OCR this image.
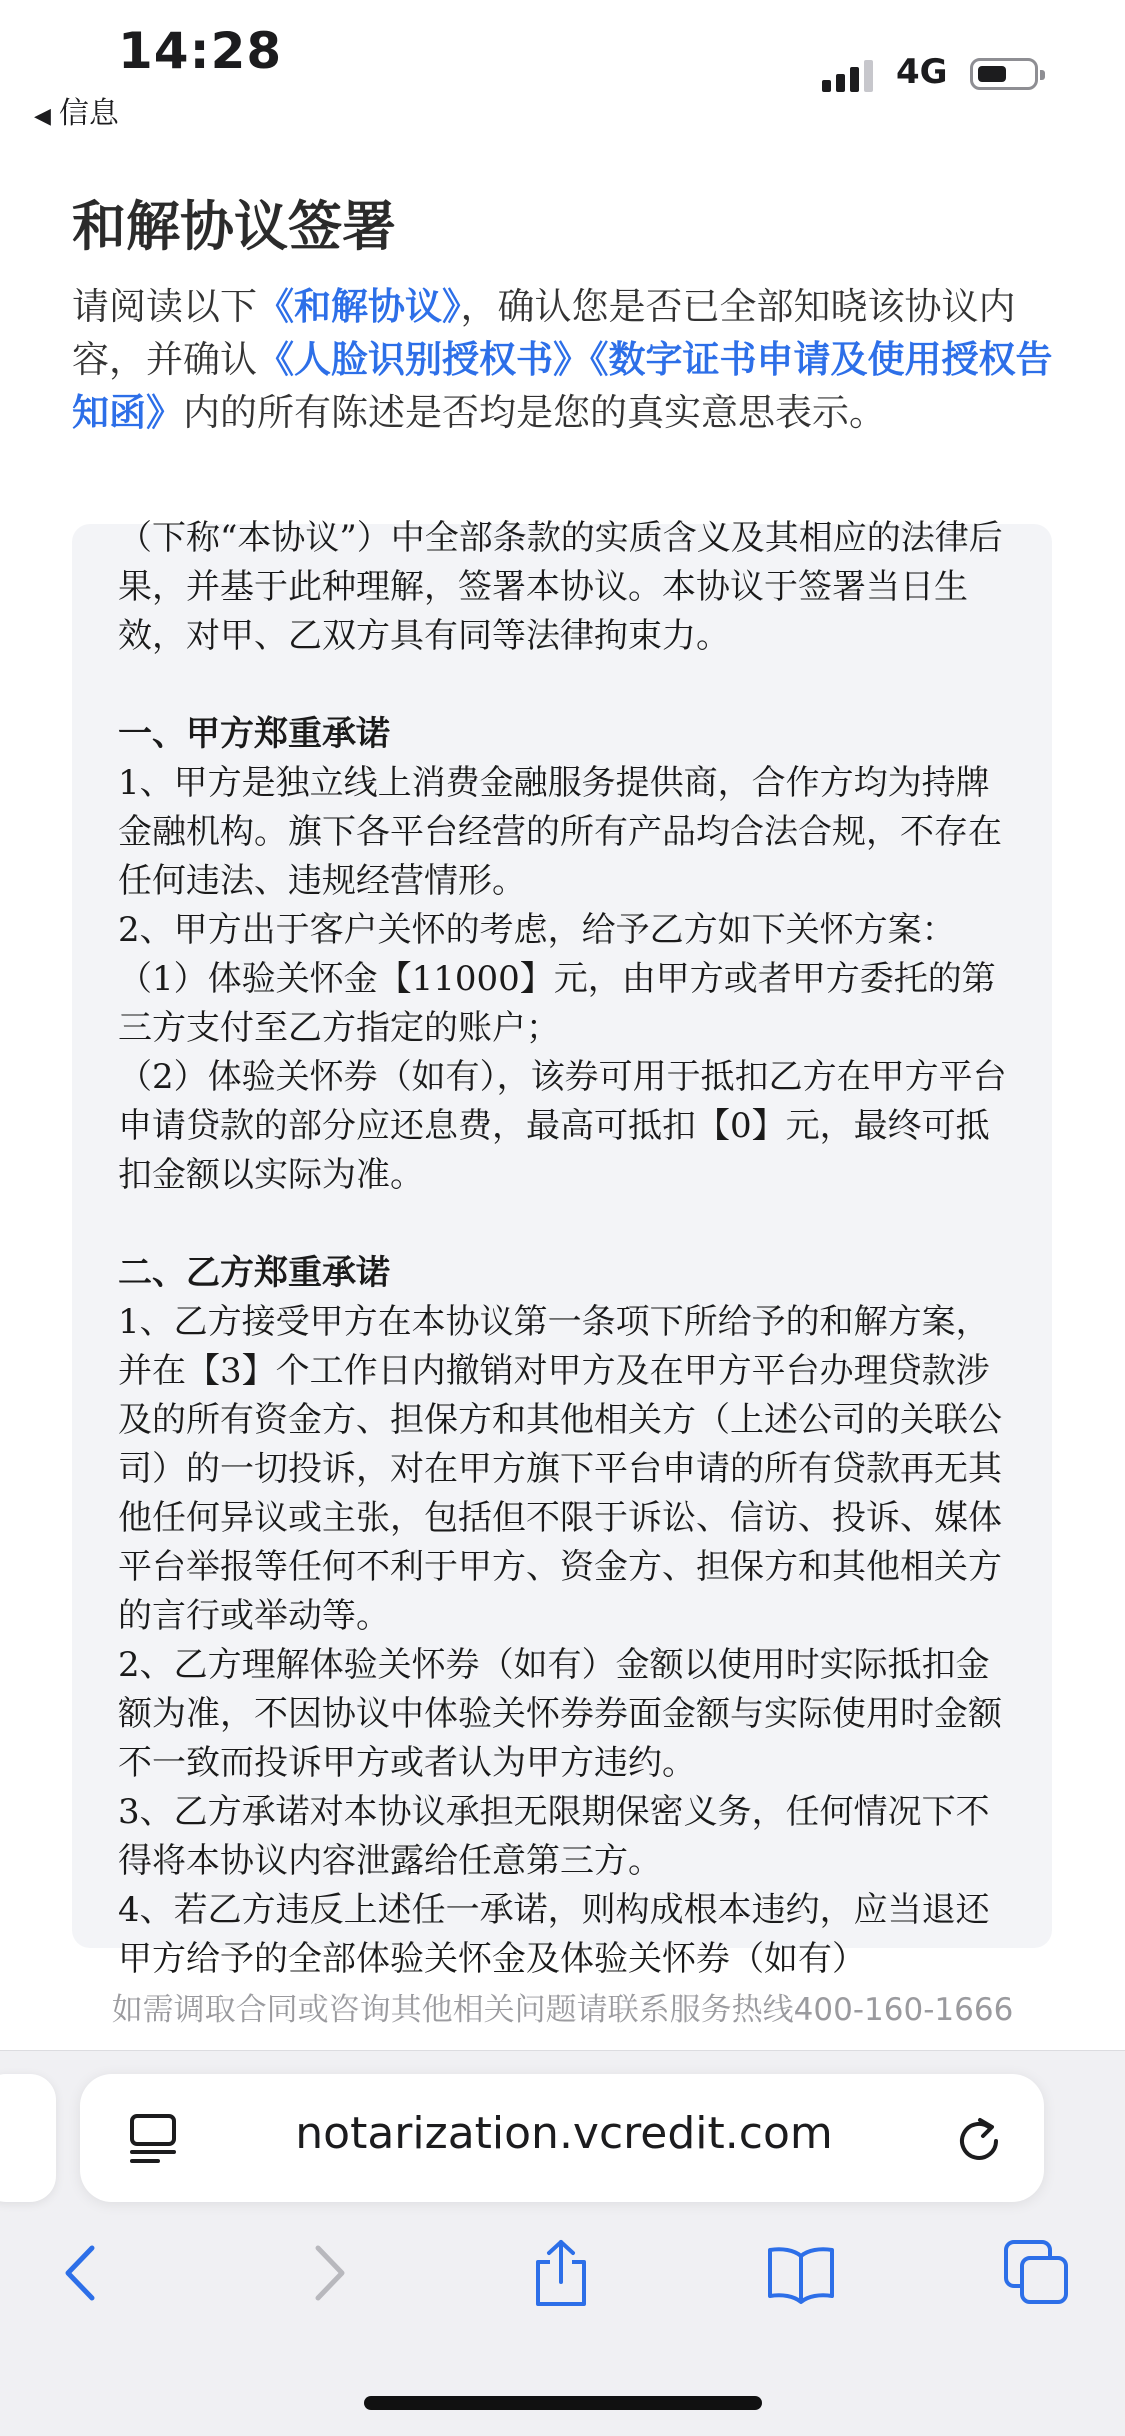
14:28
◀ 信息
4G
和解协议签署
请阅读以下《和解协议》，确认您是否已全部知晓该协议内容，并确认《人脸识别授权书》《数字证书申请及使用授权告知函》内的所有陈述是否均是您的真实意思表示。

（下称“本协议”）中全部条款的实质含义及其相应的法律后果，并基于此种理解，签署本协议。本协议于签署当日生效，对甲、乙双方具有同等法律拘束力。

一、甲方郑重承诺

1、甲方是独立线上消费金融服务提供商，合作方均为持牌金融机构。旗下各平台经营的所有产品均合法合规，不存在任何违法、违规经营情形。

2、甲方出于客户关怀的考虑，给予乙方如下关怀方案：

（1）体验关怀金【11000】元，由甲方或者甲方委托的第三方支付至乙方指定的账户；

（2）体验关怀券（如有），该券可用于抵扣乙方在甲方平台申请贷款的部分应还息费，最高可抵扣【0】元，最终可抵扣金额以实际为准。

二、乙方郑重承诺

1、乙方接受甲方在本协议第一条项下所给予的和解方案，并在【3】个工作日内撤销对甲方及在甲方平台办理贷款涉及的所有资金方、担保方和其他相关方（上述公司的关联公司）的一切投诉，对在甲方旗下平台申请的所有贷款再无其他任何异议或主张，包括但不限于诉讼、信访、投诉、媒体平台举报等任何不利于甲方、资金方、担保方和其他相关方的言行或举动等。

2、乙方理解体验关怀券（如有）金额以使用时实际抵扣金额为准，不因协议中体验关怀券券面金额与实际使用时金额不一致而投诉甲方或者认为甲方违约。

3、乙方承诺对本协议承担无限期保密义务，任何情况下不得将本协议内容泄露给任意第三方。

4、若乙方违反上述任一承诺，则构成根本违约，应当退还甲方给予的全部体验关怀金及体验关怀券（如有）

如需调取合同或咨询其他相关问题请联系服务热线400-160-1666
notarization.vcredit.com
